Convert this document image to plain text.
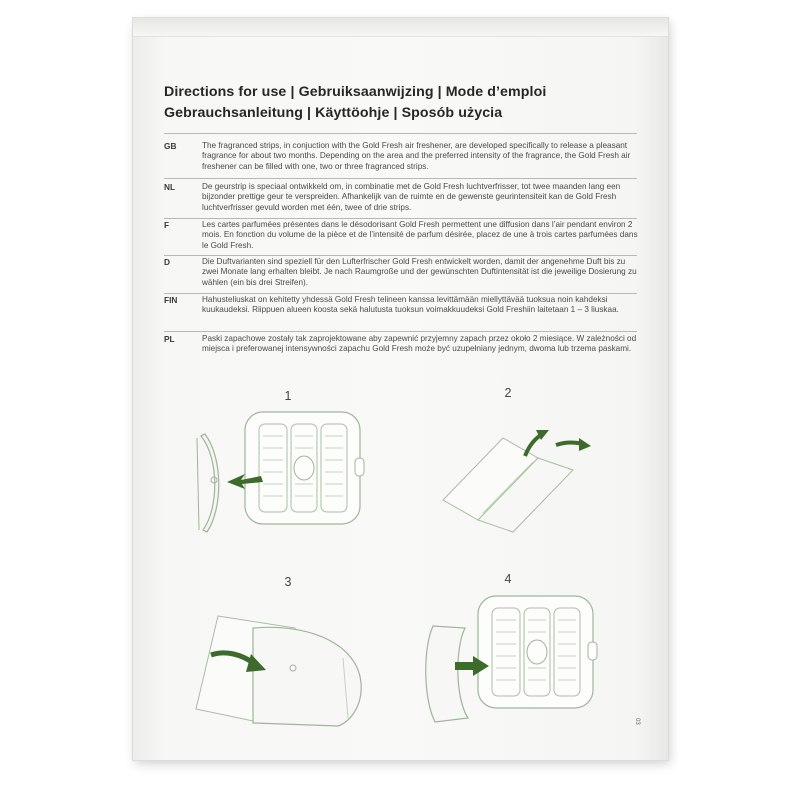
Directions for use | Gebruiksaanwijzing | Mode d’emploi
Gebrauchsanleitung | Käyttöohje | Sposób użycia
GB	The fragranced strips, in conjuction with the Gold Fresh air freshener, are developed specifically to release a pleasant fragrance for about two months. Depending on the area and the preferred intensity of the fragrance, the Gold Fresh air freshener can be filled with one, two or three fragranced strips.

NL	De geurstrip is speciaal ontwikkeld om, in combinatie met de Gold Fresh luchtverfrisser, tot twee maanden lang een bijzonder prettige geur te verspreiden. Afhankelijk van de ruimte en de gewenste geurintensiteit kan de Gold Fresh luchtverfrisser gevuld worden met één, twee of drie strips.

F	Les cartes parfumées présentes dans le désodorisant Gold Fresh permettent une diffusion dans l’air pendant environ 2 mois. En fonction du volume de la pièce et de l’intensité de parfum désirée, placez de une à trois cartes parfumées dans le Gold Fresh.

D	Die Duftvarianten sind speziell für den Lufterfrischer Gold Fresh entwickelt worden, damit der angenehme Duft bis zu zwei Monate lang erhalten bleibt. Je nach Raumgroße und der gewünschten Duftintensität ist die jeweilige Dosierung zu wählen (ein bis drei Streifen).

FIN	Hahusteliuskat on kehitetty yhdessä Gold Fresh telineen kanssa levittämään miellyttävää tuoksua noin kahdeksi kuukaudeksi. Riippuen alueen koosta sekä halutusta tuoksun voimakkuudeksi Gold Freshiin laitetaan 1 – 3 liuskaa.

PL	Paski zapachowe zostały tak zaprojektowane aby zapewnić przyjemny zapach przez około 2 miesiące. W zależności od miejsca i preferowanej intensywności zapachu Gold Fresh może być uzupełniany jednym, dwoma lub trzema paskami.

1	2
3	4
03
